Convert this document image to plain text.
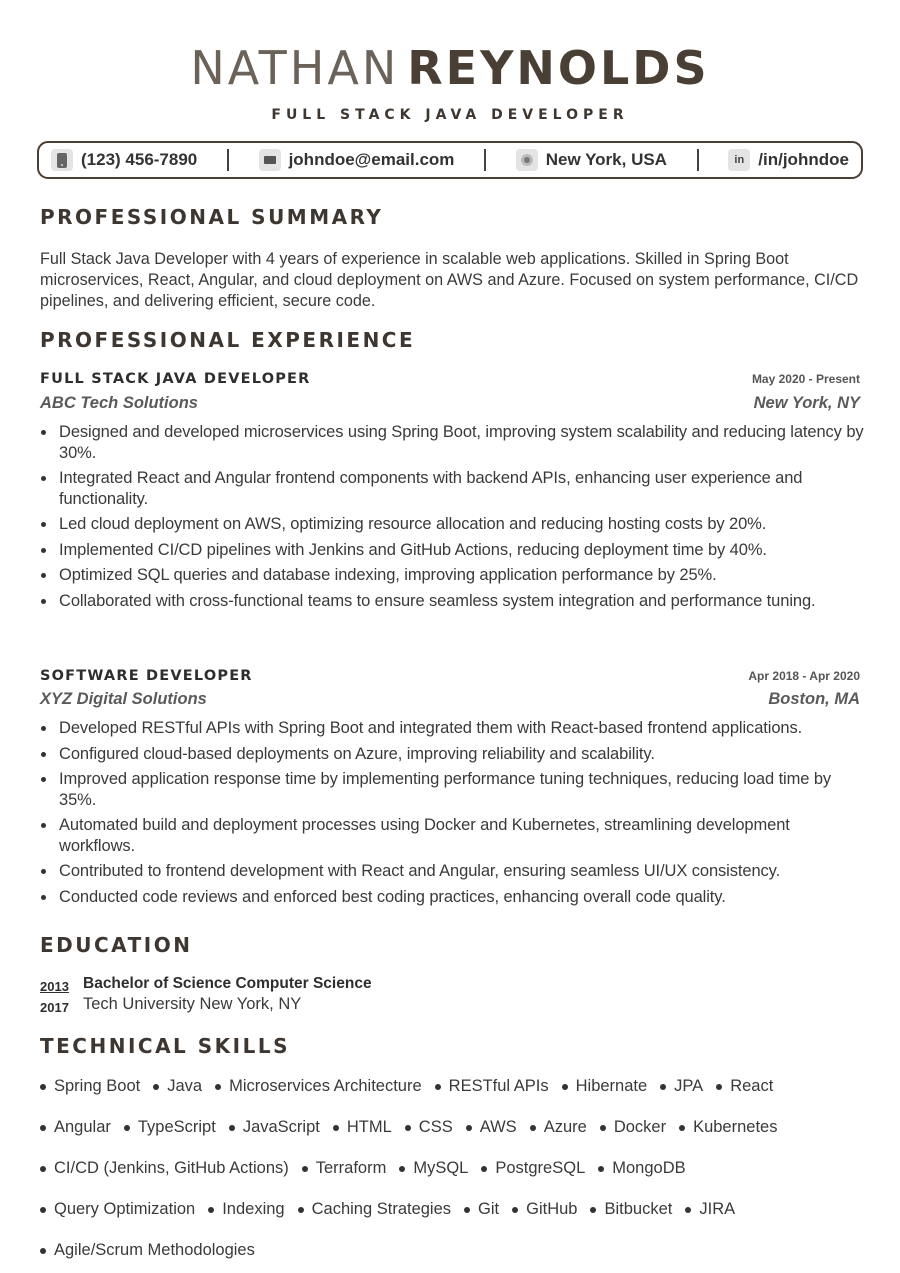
NATHAN REYNOLDS
FULL STACK JAVA DEVELOPER
(123) 456-7890	johndoe@email.com	New York, USA	in /in/johndoe
PROFESSIONAL SUMMARY
Full Stack Java Developer with 4 years of experience in scalable web applications. Skilled in Spring Boot microservices, React, Angular, and cloud deployment on AWS and Azure. Focused on system performance, CI/CD pipelines, and delivering efficient, secure code.
PROFESSIONAL EXPERIENCE
FULL STACK JAVA DEVELOPER	May 2020 - Present
ABC Tech Solutions	New York, NY
Designed and developed microservices using Spring Boot, improving system scalability and reducing latency by 30%.
Integrated React and Angular frontend components with backend APIs, enhancing user experience and functionality.
Led cloud deployment on AWS, optimizing resource allocation and reducing hosting costs by 20%.
Implemented CI/CD pipelines with Jenkins and GitHub Actions, reducing deployment time by 40%.
Optimized SQL queries and database indexing, improving application performance by 25%.
Collaborated with cross-functional teams to ensure seamless system integration and performance tuning.
SOFTWARE DEVELOPER	Apr 2018 - Apr 2020
XYZ Digital Solutions	Boston, MA
Developed RESTful APIs with Spring Boot and integrated them with React-based frontend applications.
Configured cloud-based deployments on Azure, improving reliability and scalability.
Improved application response time by implementing performance tuning techniques, reducing load time by 35%.
Automated build and deployment processes using Docker and Kubernetes, streamlining development workflows.
Contributed to frontend development with React and Angular, ensuring seamless UI/UX consistency.
Conducted code reviews and enforced best coding practices, enhancing overall code quality.
EDUCATION
2013
2017
Bachelor of Science Computer Science
Tech University New York, NY
TECHNICAL SKILLS
Spring Boot	Java	Microservices Architecture	RESTful APIs	Hibernate	JPA	React
Angular	TypeScript	JavaScript	HTML	CSS	AWS	Azure	Docker	Kubernetes
CI/CD (Jenkins, GitHub Actions)	Terraform	MySQL	PostgreSQL	MongoDB
Query Optimization	Indexing	Caching Strategies	Git	GitHub	Bitbucket	JIRA
Agile/Scrum Methodologies
